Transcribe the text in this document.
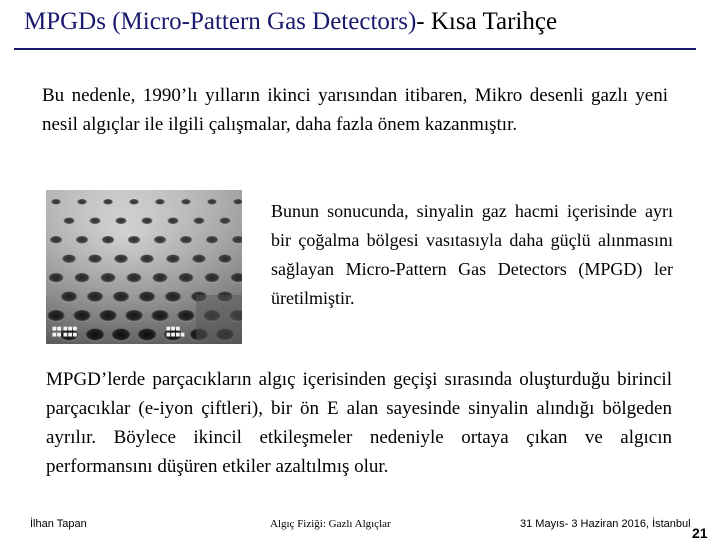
MPGDs (Micro-Pattern Gas Detectors)- Kısa Tarihçe
Bu nedenle, 1990’lı yılların ikinci yarısından itibaren, Mikro desenli gazlı yeni nesil algıçlar ile ilgili çalışmalar, daha fazla önem kazanmıştır.
■■ ■■■
■■ ■■■
■■■
■■■■
Bunun sonucunda, sinyalin gaz hacmi içerisinde ayrı bir çoğalma bölgesi vasıtasıyla daha güçlü alınmasını sağlayan Micro-Pattern Gas Detectors (MPGD) ler üretilmiştir.
MPGD’lerde parçacıkların algıç içerisinden geçişi sırasında oluşturduğu birincil parçacıklar (e-iyon çiftleri), bir ön E alan sayesinde sinyalin alındığı bölgeden ayrılır. Böylece ikincil etkileşmeler nedeniyle ortaya çıkan ve algıcın performansını düşüren etkiler azaltılmış olur.
İlhan Tapan	Algıç Fiziği: Gazlı Algıçlar	31 Mayıs- 3 Haziran 2016, İstanbul
21
